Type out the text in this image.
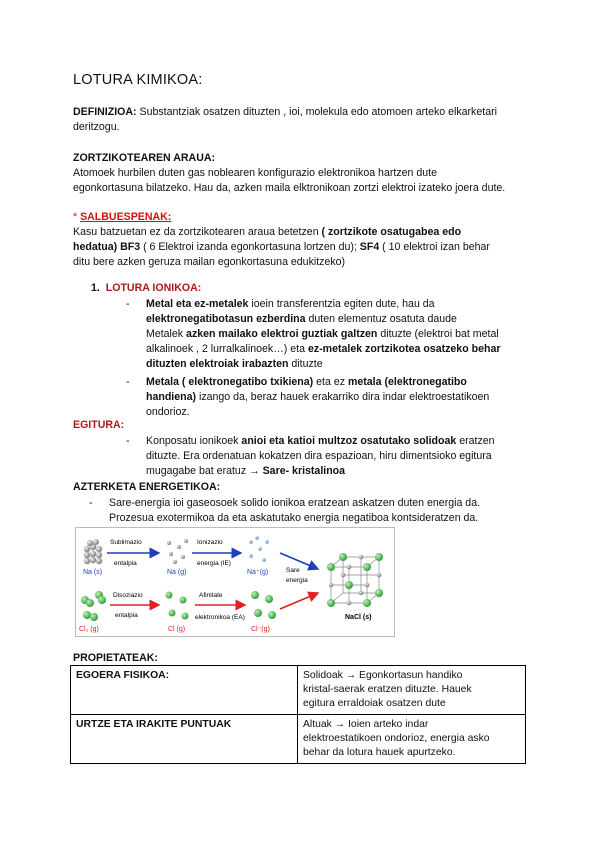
LOTURA KIMIKOA:
DEFINIZIOA: Substantziak osatzen dituzten , ioi, molekula edo atomoen arteko elkarketari
deritzogu.
ZORTZIKOTEAREN ARAUA:
Atomoek hurbilen duten gas noblearen konfigurazio elektronikoa hartzen dute
egonkortasuna bilatzeko. Hau da, azken maila elktronikoan zortzi elektroi izateko joera dute.
* SALBUESPENAK:
Kasu batzuetan ez da zortzikotearen araua betetzen ( zortzikote osatugabea edo
hedatua) BF3 ( 6 Elektroi izanda egonkortasuna lortzen du); SF4 ( 10 elektroi izan behar
ditu bere azken geruza mailan egonkortasuna edukitzeko)
1. LOTURA IONIKOA:
- Metal eta ez-metalek ioein transferentzia egiten dute, hau da
elektronegatibotasun ezberdina duten elementuz osatuta daude
Metalek azken mailako elektroi guztiak galtzen dituzte (elektroi bat metal
alkalinoek , 2 lurralkalinoek…) eta ez-metalek zortzikotea osatzeko behar
dituzten elektroiak irabazten dituzte
- Metala ( elektronegatibo txikiena) eta ez metala (elektronegatibo
handiena) izango da, beraz hauek erakarriko dira indar elektroestatikoen
ondorioz.
EGITURA:
- Konposatu ionikoek anioi eta katioi multzoz osatutako solidoak eratzen
dituzte. Era ordenatuan kokatzen dira espazioan, hiru dimentsioko egitura
mugagabe bat eratuz → Sare- kristalinoa
AZTERKETA ENERGETIKOA:
- Sare-energia ioi gaseosoek solido ionikoa eratzean askatzen duten energia da.
Prozesua exotermikoa da eta askatutako energia negatiboa kontsideratzen da.
Na (s)
Sublimazio
entalpia
Na (g)
Ionizazio
energia (IE)
Na⁺(g)	Sare
energia
NaCl (s)
Cl₂ (g)
Disoziazio
entalpia
Cl (g)
Afinitate
elektronikoa (EA)
Cl⁻(g)
PROPIETATEAK:
EGOERA FISIKOA:	Solidoak → Egonkortasun handiko
kristal-saerak eratzen dituzte. Hauek
egitura erraldoiak osatzen dute

URTZE ETA IRAKITE PUNTUAK	Altuak → Ioien arteko indar
elektroestatikoen ondorioz, energia asko
behar da lotura hauek apurtzeko.
